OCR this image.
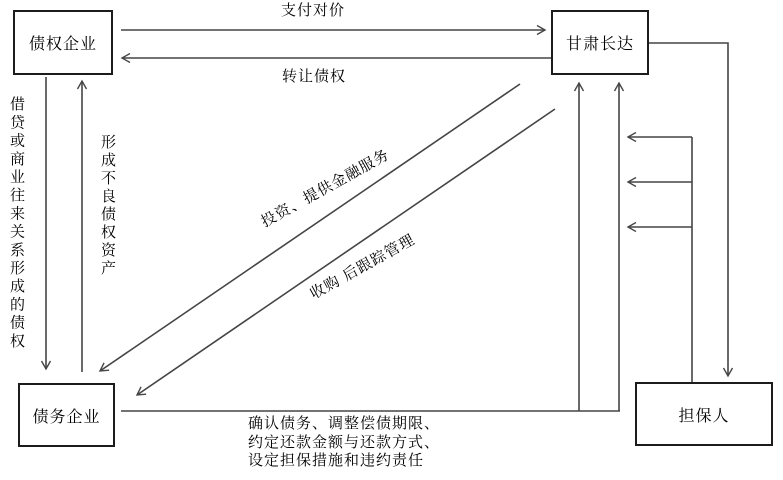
债权企业	甘肃长达
债务企业	担保人
支付对价
转让债权
借贷或商业往来关系形成的债权	形成不良债权资产	投资、提供金融服务
收购 后跟踪管理
确认债务、调整偿债期限、
约定还款金额与还款方式、
设定担保措施和违约责任
